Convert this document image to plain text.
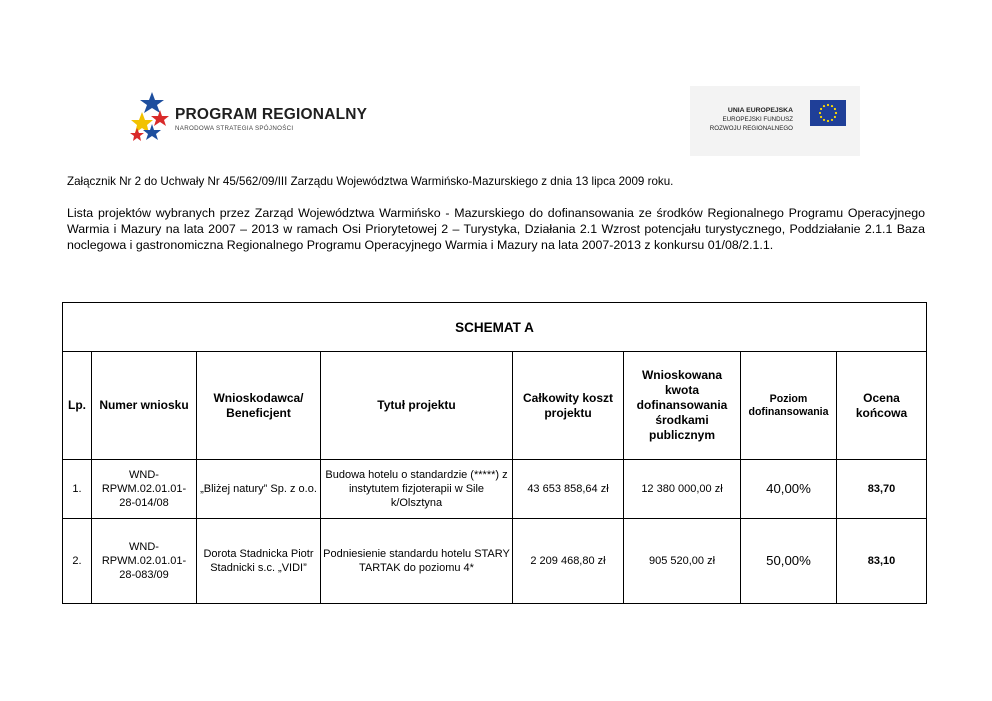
PROGRAM REGIONALNY
NARODOWA STRATEGIA SPÓJNOŚCI
UNIA EUROPEJSKA
EUROPEJSKI FUNDUSZ
ROZWOJU REGIONALNEGO
Załącznik Nr 2 do Uchwały Nr 45/562/09/III Zarządu Województwa Warmińsko-Mazurskiego z dnia 13 lipca 2009 roku.
Lista projektów wybranych przez Zarząd Województwa Warmińsko - Mazurskiego do dofinansowania ze środków Regionalnego Programu Operacyjnego Warmia i Mazury na lata 2007 – 2013 w ramach Osi Priorytetowej 2 – Turystyka, Działania 2.1 Wzrost potencjału turystycznego, Poddziałanie 2.1.1 Baza noclegowa i gastronomiczna Regionalnego Programu Operacyjnego Warmia i Mazury na lata 2007-2013 z konkursu 01/08/2.1.1.
SCHEMAT A							
Lp.	Numer wniosku	Wnioskodawca/ Beneficjent	Tytuł projektu	Całkowity koszt projektu	Wnioskowana kwota dofinansowania środkami publicznym	Poziom dofinansowania	Ocena końcowa
1.	WND-RPWM.02.01.01-28-014/08	„Bliżej natury” Sp. z o.o.	Budowa hotelu o standardzie (*****) z instytutem fizjoterapii w Sile k/Olsztyna	43 653 858,64 zł	12 380 000,00 zł	40,00%	83,70
2.	WND-RPWM.02.01.01-28-083/09	Dorota Stadnicka Piotr Stadnicki s.c. „VIDI”	Podniesienie standardu hotelu STARY TARTAK do poziomu 4*	2 209 468,80 zł	905 520,00 zł	50,00%	83,10
